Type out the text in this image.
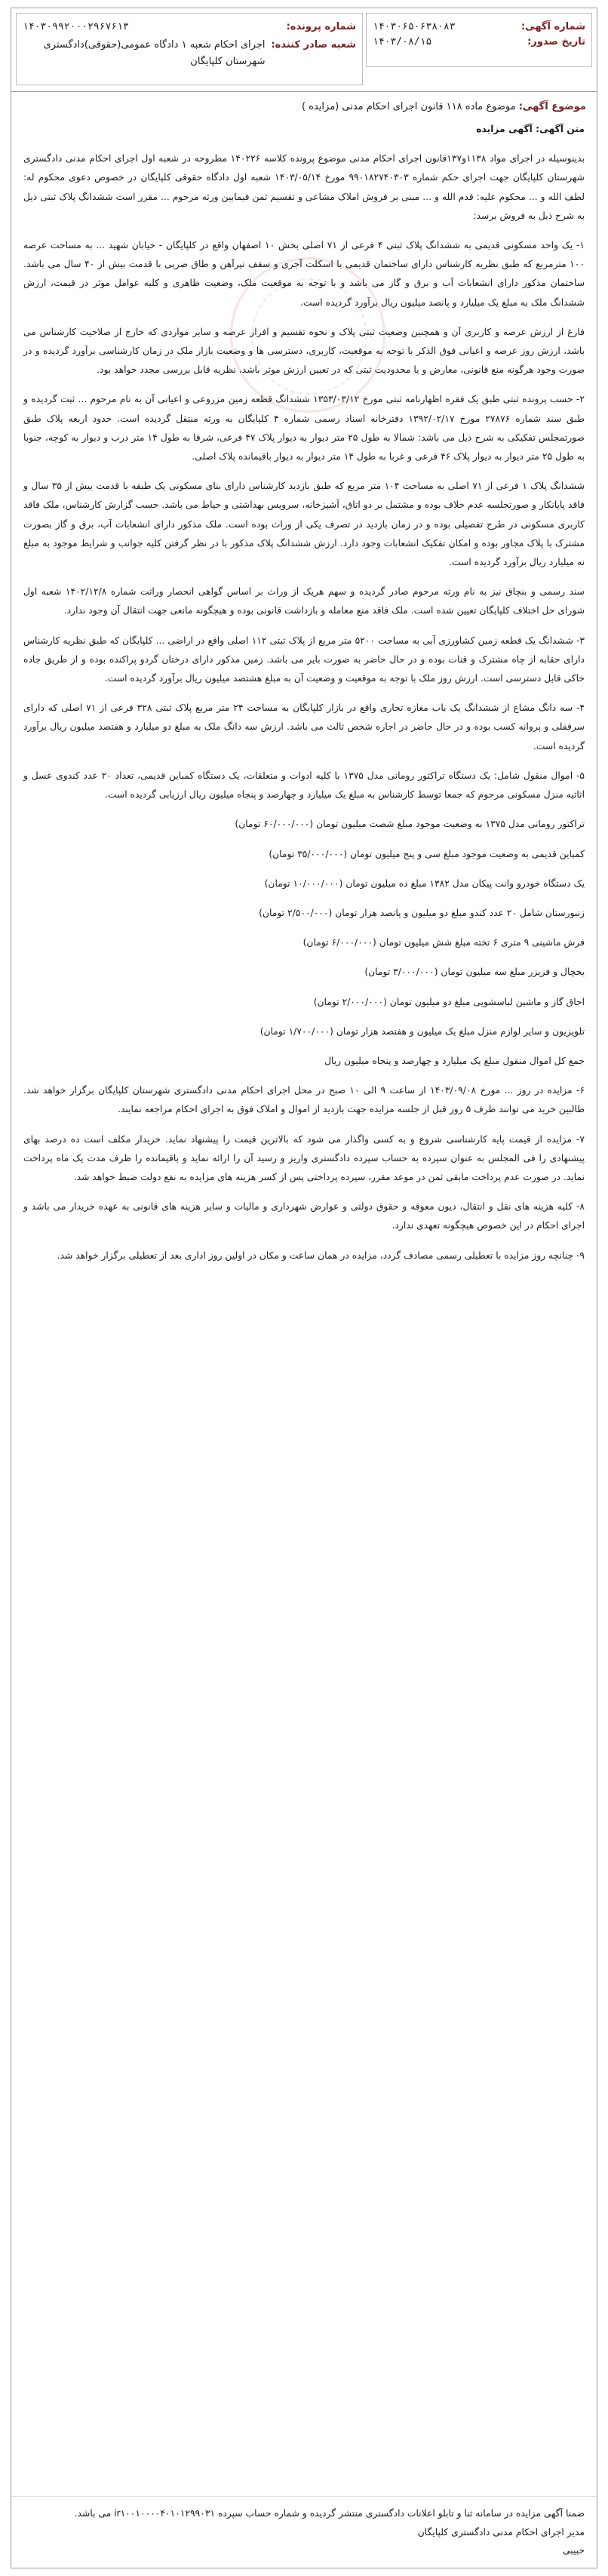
شماره آگهی:
۱۴۰۳۰۶۵۰۶۳۸۰۸۳
تاریخ صدور:
۱۴۰۳/۰۸/۱۵
شماره پرونده:
۱۴۰۳۰۹۹۲۰۰۰۲۹۶۷۶۱۳
شعبه صادر کننده:
اجرای احکام شعبه ۱ دادگاه عمومی(حقوقی)دادگستری شهرستان کلپایگان
موضوع آگهی: موضوع ماده ۱۱۸ قانون اجرای احکام مدنی (مزایده )

متن آگهی: آگهی مزایده

بدینوسیله در اجرای مواد ۱۱۳۸و۱۳۷قانون اجرای احکام مدنی موضوع پرونده کلاسه ۱۴۰۲۲۶ مطروحه در شعبه اول اجرای احکام مدنی دادگستری شهرستان کلپایگان جهت اجرای حکم شماره ۹۹۰۱۸۲۷۴۰۳۰۳ مورخ ۱۴۰۳/۰۵/۱۴ شعبه اول دادگاه حقوقی کلپایگان در خصوص دعوی محکوم له: لطف الله و ... محکوم علیه: قدم الله و ... مبنی بر فروش املاک مشاعی و تقسیم ثمن فیمابین ورثه مرحوم ... مقرر است ششدانگ پلاک ثبتی ذیل به شرح ذیل به فروش برسد:

۱- یک واحد مسکونی قدیمی به ششدانگ پلاک ثبتی ۴ فرعی از ۷۱ اصلی بخش ۱۰ اصفهان واقع در کلپایگان - خیابان شهید ... به مساحت عرصه ۱۰۰ مترمربع که طبق نظریه کارشناس دارای ساختمان قدیمی با اسکلت آجری و سقف تیرآهن و طاق ضربی با قدمت بیش از ۴۰ سال می باشد. ساختمان مذکور دارای انشعابات آب و برق و گاز می باشد و با توجه به موقعیت ملک، وضعیت ظاهری و کلیه عوامل موثر در قیمت، ارزش ششدانگ ملک به مبلغ یک میلیارد و پانصد میلیون ریال برآورد گردیده است.

فارغ از ارزش عرصه و کاربری آن و همچنین وضعیت ثبتی پلاک و نحوه تقسیم و افراز عرصه و سایر مواردی که خارج از صلاحیت کارشناس می باشد، ارزش روز عرصه و اعیانی فوق الذکر با توجه به موقعیت، کاربری، دسترسی ها و وضعیت بازار ملک در زمان کارشناسی برآورد گردیده و در صورت وجود هرگونه منع قانونی، معارض و یا محدودیت ثبتی که در تعیین ارزش موثر باشد، نظریه قابل بررسی مجدد خواهد بود.

۲- حسب پرونده ثبتی طبق یک فقره اظهارنامه ثبتی مورخ ۱۳۵۳/۰۳/۱۲ ششدانگ قطعه زمین مزروعی و اعیانی آن به نام مرحوم ... ثبت گردیده و طبق سند شماره ۲۷۸۷۶ مورخ ۱۳۹۲/۰۲/۱۷ دفترخانه اسناد رسمی شماره ۴ کلپایگان به ورثه منتقل گردیده است. حدود اربعه پلاک طبق صورتمجلس تفکیکی به شرح ذیل می باشد: شمالا به طول ۲۵ متر دیوار به دیوار پلاک ۴۷ فرعی، شرقا به طول ۱۴ متر درب و دیوار به کوچه، جنوبا به طول ۲۵ متر دیوار به دیوار پلاک ۴۶ فرعی و غربا به طول ۱۴ متر دیوار به دیوار باقیمانده پلاک اصلی.

ششدانگ پلاک ۱ فرعی از ۷۱ اصلی به مساحت ۱۰۴ متر مربع که طبق بازدید کارشناس دارای بنای مسکونی یک طبقه با قدمت بیش از ۳۵ سال و فاقد پایانکار و صورتجلسه عدم خلاف بوده و مشتمل بر دو اتاق، آشپزخانه، سرویس بهداشتی و حیاط می باشد. حسب گزارش کارشناس، ملک فاقد کاربری مسکونی در طرح تفصیلی بوده و در زمان بازدید در تصرف یکی از وراث بوده است. ملک مذکور دارای انشعابات آب، برق و گاز بصورت مشترک با پلاک مجاور بوده و امکان تفکیک انشعابات وجود دارد. ارزش ششدانگ پلاک مذکور با در نظر گرفتن کلیه جوانب و شرایط موجود به مبلغ نه میلیارد ریال برآورد گردیده است.

سند رسمی و بنچاق نیز به نام ورثه مرحوم صادر گردیده و سهم هریک از وراث بر اساس گواهی انحصار وراثت شماره ۱۴۰۲/۱۲/۸ شعبه اول شورای حل اختلاف کلپایگان تعیین شده است. ملک فاقد منع معامله و بازداشت قانونی بوده و هیچگونه مانعی جهت انتقال آن وجود ندارد.

۳- ششدانگ یک قطعه زمین کشاورزی آبی به مساحت ۵۲۰۰ متر مربع از پلاک ثبتی ۱۱۲ اصلی واقع در اراضی ... کلپایگان که طبق نظریه کارشناس دارای حقابه از چاه مشترک و قنات بوده و در حال حاضر به صورت بایر می باشد. زمین مذکور دارای درختان گردو پراکنده بوده و از طریق جاده خاکی قابل دسترسی است. ارزش روز ملک با توجه به موقعیت و وضعیت آن به مبلغ هشتصد میلیون ریال برآورد گردیده است.

۴- سه دانگ مشاع از ششدانگ یک باب مغازه تجاری واقع در بازار کلپایگان به مساحت ۲۴ متر مربع پلاک ثبتی ۳۲۸ فرعی از ۷۱ اصلی که دارای سرقفلی و پروانه کسب بوده و در حال حاضر در اجاره شخص ثالث می باشد. ارزش سه دانگ ملک به مبلغ دو میلیارد و هفتصد میلیون ریال برآورد گردیده است.

۵- اموال منقول شامل: یک دستگاه تراکتور رومانی مدل ۱۳۷۵ با کلیه ادوات و متعلقات، یک دستگاه کمباین قدیمی، تعداد ۲۰ عدد کندوی عسل و اثاثیه منزل مسکونی مرحوم که جمعا توسط کارشناس به مبلغ یک میلیارد و چهارصد و پنجاه میلیون ریال ارزیابی گردیده است.

تراکتور رومانی مدل ۱۳۷۵ به وضعیت موجود مبلغ شصت میلیون تومان (۶۰/۰۰۰/۰۰۰ تومان)
کمباین قدیمی به وضعیت موجود مبلغ سی و پنج میلیون تومان (۳۵/۰۰۰/۰۰۰ تومان)
یک دستگاه خودرو وانت پیکان مدل ۱۳۸۲ مبلغ ده میلیون تومان (۱۰/۰۰۰/۰۰۰ تومان)
زنبورستان شامل ۲۰ عدد کندو مبلغ دو میلیون و پانصد هزار تومان (۲/۵۰۰/۰۰۰ تومان)
فرش ماشینی ۹ متری ۶ تخته مبلغ شش میلیون تومان (۶/۰۰۰/۰۰۰ تومان)
یخچال و فریزر مبلغ سه میلیون تومان (۳/۰۰۰/۰۰۰ تومان)
اجاق گاز و ماشین لباسشویی مبلغ دو میلیون تومان (۲/۰۰۰/۰۰۰ تومان)
تلویزیون و سایر لوازم منزل مبلغ یک میلیون و هفتصد هزار تومان (۱/۷۰۰/۰۰۰ تومان)
جمع کل اموال منقول مبلغ یک میلیارد و چهارصد و پنجاه میلیون ریال

۶- مزایده در روز ... مورخ ۱۴۰۳/۰۹/۰۸ از ساعت ۹ الی ۱۰ صبح در محل اجرای احکام مدنی دادگستری شهرستان کلپایگان برگزار خواهد شد. طالبین خرید می توانند ظرف ۵ روز قبل از جلسه مزایده جهت بازدید از اموال و املاک فوق به اجرای احکام مراجعه نمایند.

۷- مزایده از قیمت پایه کارشناسی شروع و به کسی واگذار می شود که بالاترین قیمت را پیشنهاد نماید. خریدار مکلف است ده درصد بهای پیشنهادی را فی المجلس به عنوان سپرده به حساب سپرده دادگستری واریز و رسید آن را ارائه نماید و باقیمانده را ظرف مدت یک ماه پرداخت نماید. در صورت عدم پرداخت مابقی ثمن در موعد مقرر، سپرده پرداختی پس از کسر هزینه های مزایده به نفع دولت ضبط خواهد شد.

۸- کلیه هزینه های نقل و انتقال، دیون معوقه و حقوق دولتی و عوارض شهرداری و مالیات و سایر هزینه های قانونی به عهده خریدار می باشد و اجرای احکام در این خصوص هیچگونه تعهدی ندارد.

۹- چنانچه روز مزایده با تعطیلی رسمی مصادف گردد، مزایده در همان ساعت و مکان در اولین روز اداری بعد از تعطیلی برگزار خواهد شد.

ضمنا آگهی مزایده در سامانه ثنا و تابلو اعلانات دادگستری منتشر گردیده و شماره حساب سپرده ir۱۰۰۱۰۰۰۰۴۰۱۰۱۲۹۹۰۳۱ می باشد.
مدیر اجرای احکام مدنی دادگستری کلپایگان
حبیبی
